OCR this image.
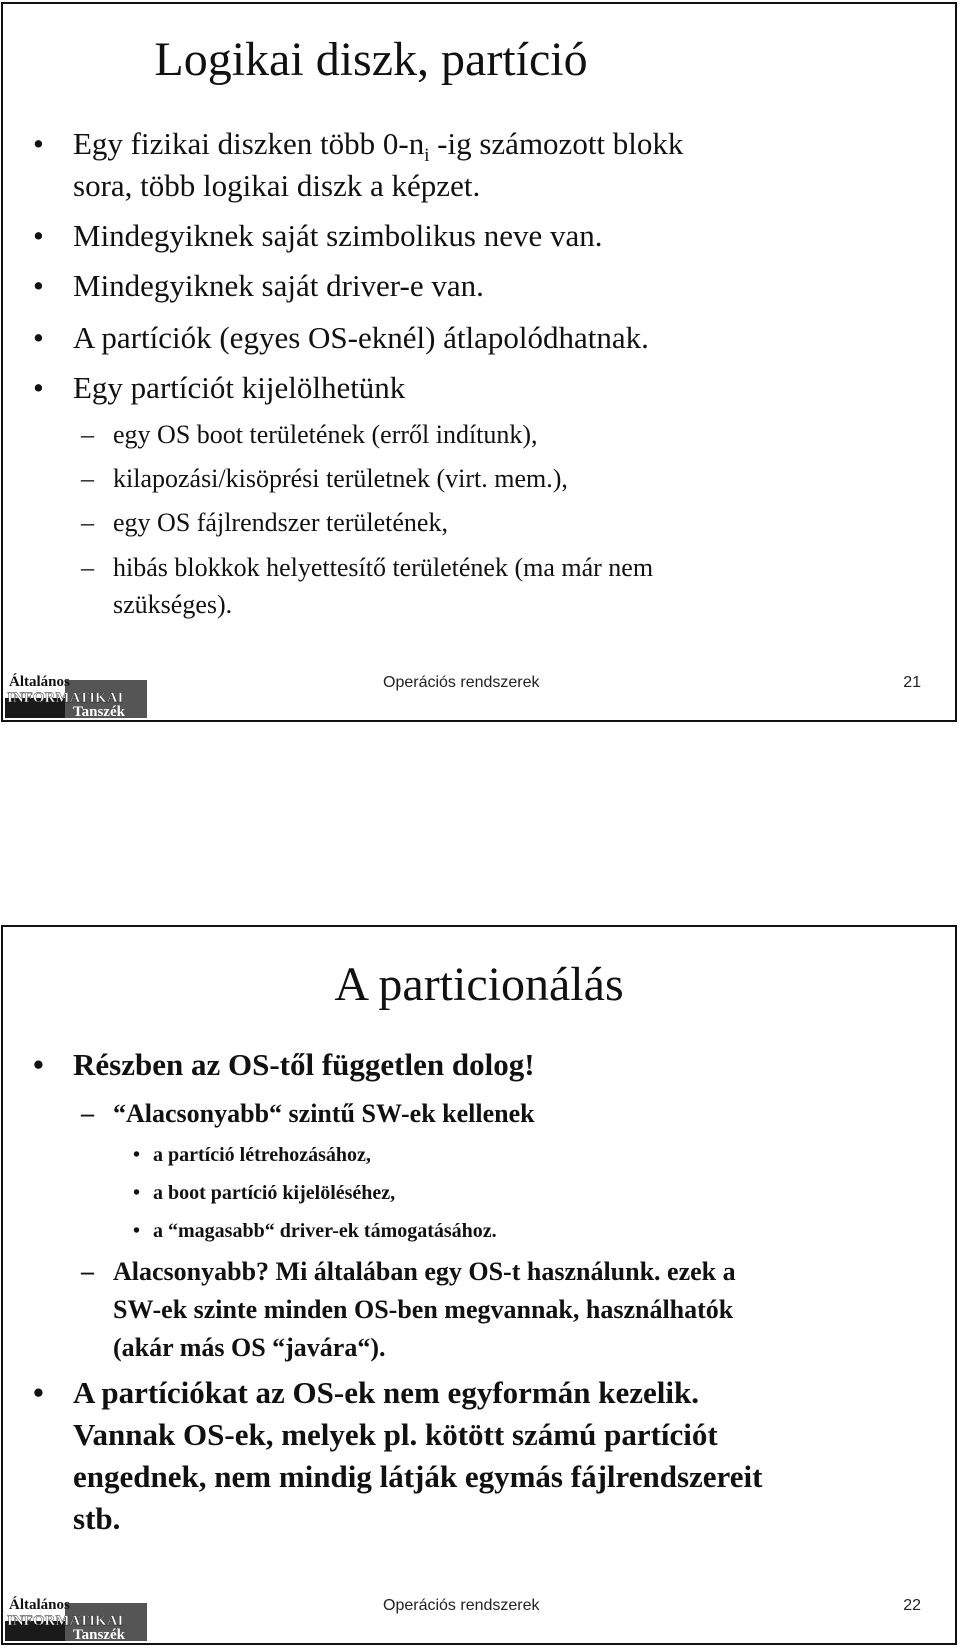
Logikai diszk, partíció
• Egy fizikai diszken több $0-n_i$ -ig számozott blokk
sora, több logikai diszk a képzet.
• Mindegyiknek saját szimbolikus neve van.
• Mindegyiknek saját driver-e van.
• A partíciók (egyes OS-eknél) átlapolódhatnak.
• Egy partíciót kijelölhetünk
– egy OS boot területének (erről indítunk),
– kilapozási/kisöprési területnek (virt. mem.),
– egy OS fájlrendszer területének,
– hibás blokkok helyettesítő területének (ma már nem
szükséges).
Operációs rendszerek	21
Általános
INFORMATIKAI
Tanszék
A particionálás
• Részben az OS-től független dolog!
– “Alacsonyabb“ szintű SW-ek kellenek
• a partíció létrehozásához,
• a boot partíció kijelöléséhez,
• a “magasabb“ driver-ek támogatásához.
– Alacsonyabb? Mi általában egy OS-t használunk. ezek a
SW-ek szinte minden OS-ben megvannak, használhatók
(akár más OS “javára“).
• A partíciókat az OS-ek nem egyformán kezelik.
Vannak OS-ek, melyek pl. kötött számú partíciót
engednek, nem mindig látják egymás fájlrendszereit
stb.
Operációs rendszerek	22
Általános
INFORMATIKAI
Tanszék
